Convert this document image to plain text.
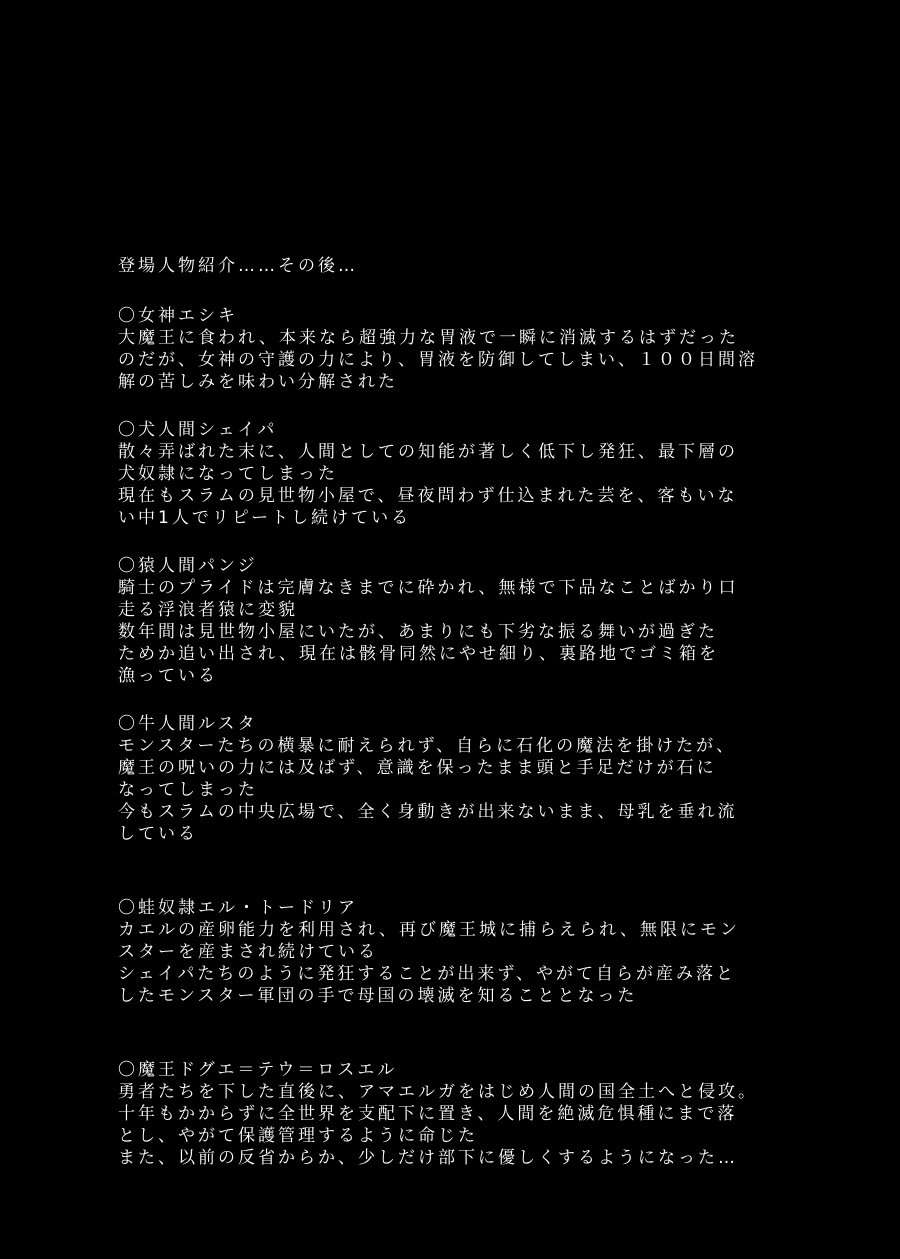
登場人物紹介……その後…
〇女神エシキ
大魔王に食われ、本来なら超強力な胃液で一瞬に消滅するはずだった
のだが、女神の守護の力により、胃液を防御してしまい、１００日間溶
解の苦しみを味わい分解された
〇犬人間シェイパ
散々弄ばれた末に、人間としての知能が著しく低下し発狂、最下層の
犬奴隷になってしまった
現在もスラムの見世物小屋で、昼夜問わず仕込まれた芸を、客もいな
い中1人でリピートし続けている
〇猿人間パンジ
騎士のプライドは完膚なきまでに砕かれ、無様で下品なことばかり口
走る浮浪者猿に変貌
数年間は見世物小屋にいたが、あまりにも下劣な振る舞いが過ぎた
ためか追い出され、現在は骸骨同然にやせ細り、裏路地でゴミ箱を
漁っている
〇牛人間ルスタ
モンスターたちの横暴に耐えられず、自らに石化の魔法を掛けたが、
魔王の呪いの力には及ばず、意識を保ったまま頭と手足だけが石に
なってしまった
今もスラムの中央広場で、全く身動きが出来ないまま、母乳を垂れ流
している
〇蛙奴隷エル・トードリア
カエルの産卵能力を利用され、再び魔王城に捕らえられ、無限にモン
スターを産まされ続けている
シェイパたちのように発狂することが出来ず、やがて自らが産み落と
したモンスター軍団の手で母国の壊滅を知ることとなった
〇魔王ドグエ＝テウ＝ロスエル
勇者たちを下した直後に、アマエルガをはじめ人間の国全土へと侵攻。
十年もかからずに全世界を支配下に置き、人間を絶滅危惧種にまで落
とし、やがて保護管理するように命じた
また、以前の反省からか、少しだけ部下に優しくするようになった…
